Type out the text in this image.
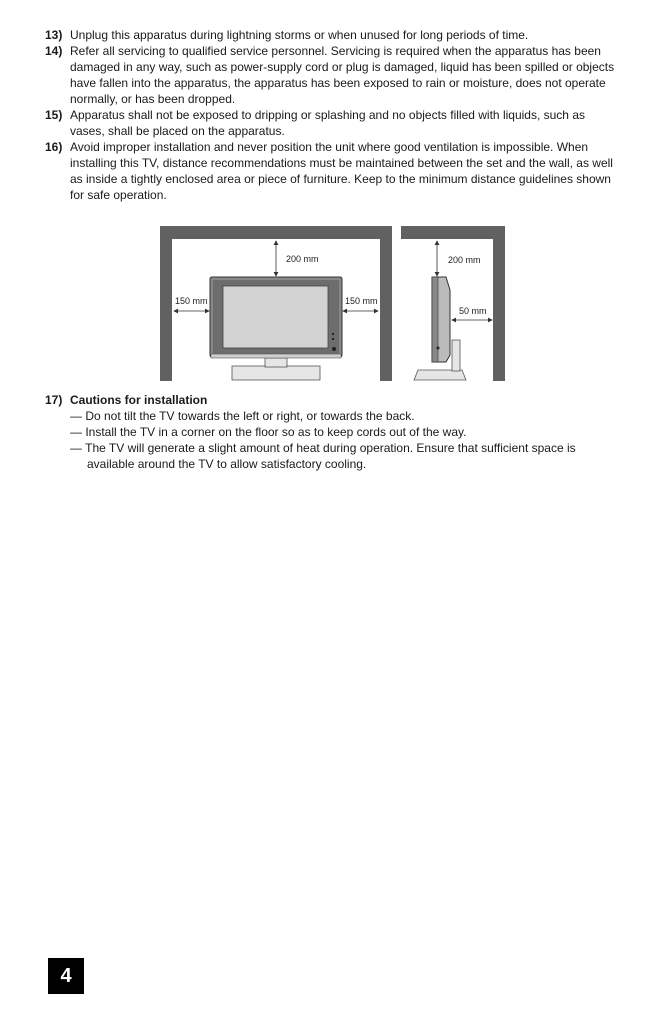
13) Unplug this apparatus during lightning storms or when unused for long periods of time.
14) Refer all servicing to qualified service personnel. Servicing is required when the apparatus has been damaged in any way, such as power-supply cord or plug is damaged, liquid has been spilled or objects have fallen into the apparatus, the apparatus has been exposed to rain or moisture, does not operate normally, or has been dropped.
15) Apparatus shall not be exposed to dripping or splashing and no objects filled with liquids, such as vases, shall be placed on the apparatus.
16) Avoid improper installation and never position the unit where good ventilation is impossible. When installing this TV, distance recommendations must be maintained between the set and the wall, as well as inside a tightly enclosed area or piece of furniture. Keep to the minimum distance guidelines shown for safe operation.
200 mm
150 mm	150 mm
200 mm
50 mm
17) Cautions for installation
— Do not tilt the TV towards the left or right, or towards the back.
— Install the TV in a corner on the floor so as to keep cords out of the way.
— The TV will generate a slight amount of heat during operation. Ensure that sufficient space is available around the TV to allow satisfactory cooling.
4
